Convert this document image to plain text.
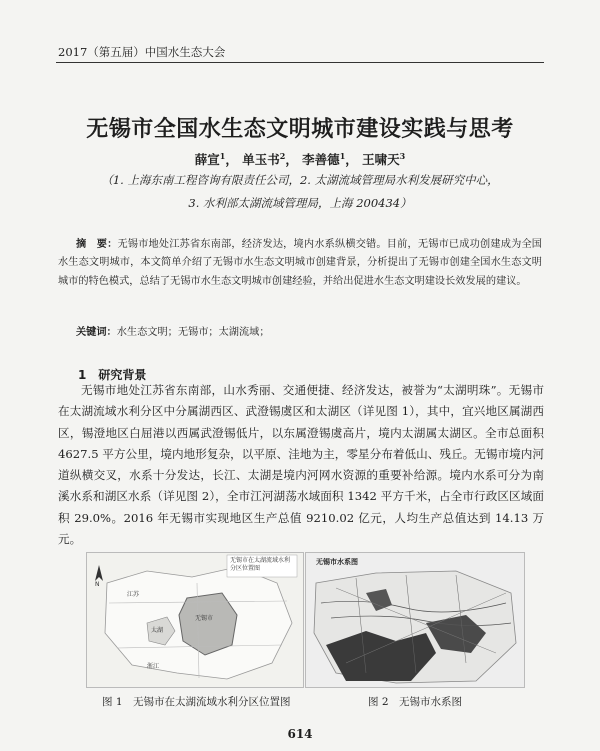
2017（第五届）中国水生态大会
无锡市全国水生态文明城市建设实践与思考
薛宣$^1$， 单玉书$^2$， 李善德$^1$， 王啸天$^3$
（1. 上海东南工程咨询有限责任公司，2. 太湖流域管理局水利发展研究中心，
3. 水利部太湖流域管理局，上海 200434）
摘　要：无锡市地处江苏省东南部，经济发达，境内水系纵横交错。目前，无锡市已成功创建成为全国水生态文明城市，本文简单介绍了无锡市水生态文明城市创建背景，分析提出了无锡市创建全国水生态文明城市的特色模式，总结了无锡市水生态文明城市创建经验，并给出促进水生态文明建设长效发展的建议。
关键词：水生态文明；无锡市；太湖流域；
1　研究背景
无锡市地处江苏省东南部，山水秀丽、交通便捷、经济发达，被誉为“太湖明珠”。无锡市在太湖流域水利分区中分属湖西区、武澄锡虞区和太湖区（详见图 1），其中，宜兴地区属湖西区，锡澄地区白屈港以西属武澄锡低片，以东属澄锡虞高片，境内太湖属太湖区。全市总面积 4627.5 平方公里，境内地形复杂，以平原、洼地为主，零星分布着低山、残丘。无锡市境内河道纵横交叉，水系十分发达，长江、太湖是境内河网水资源的重要补给源。境内水系可分为南溪水系和湖区水系（详见图 2），全市江河湖荡水域面积 1342 平方千米，占全市行政区区域面积 29.0%。2016 年无锡市实现地区生产总值 9210.02 亿元，人均生产总值达到 14.13 万元。
N
无锡市在太湖流域水利分区位置图
无锡市
太湖
江苏
浙江
无锡市水系图
图 1　无锡市在太湖流域水利分区位置图	图 2　无锡市水系图
614
